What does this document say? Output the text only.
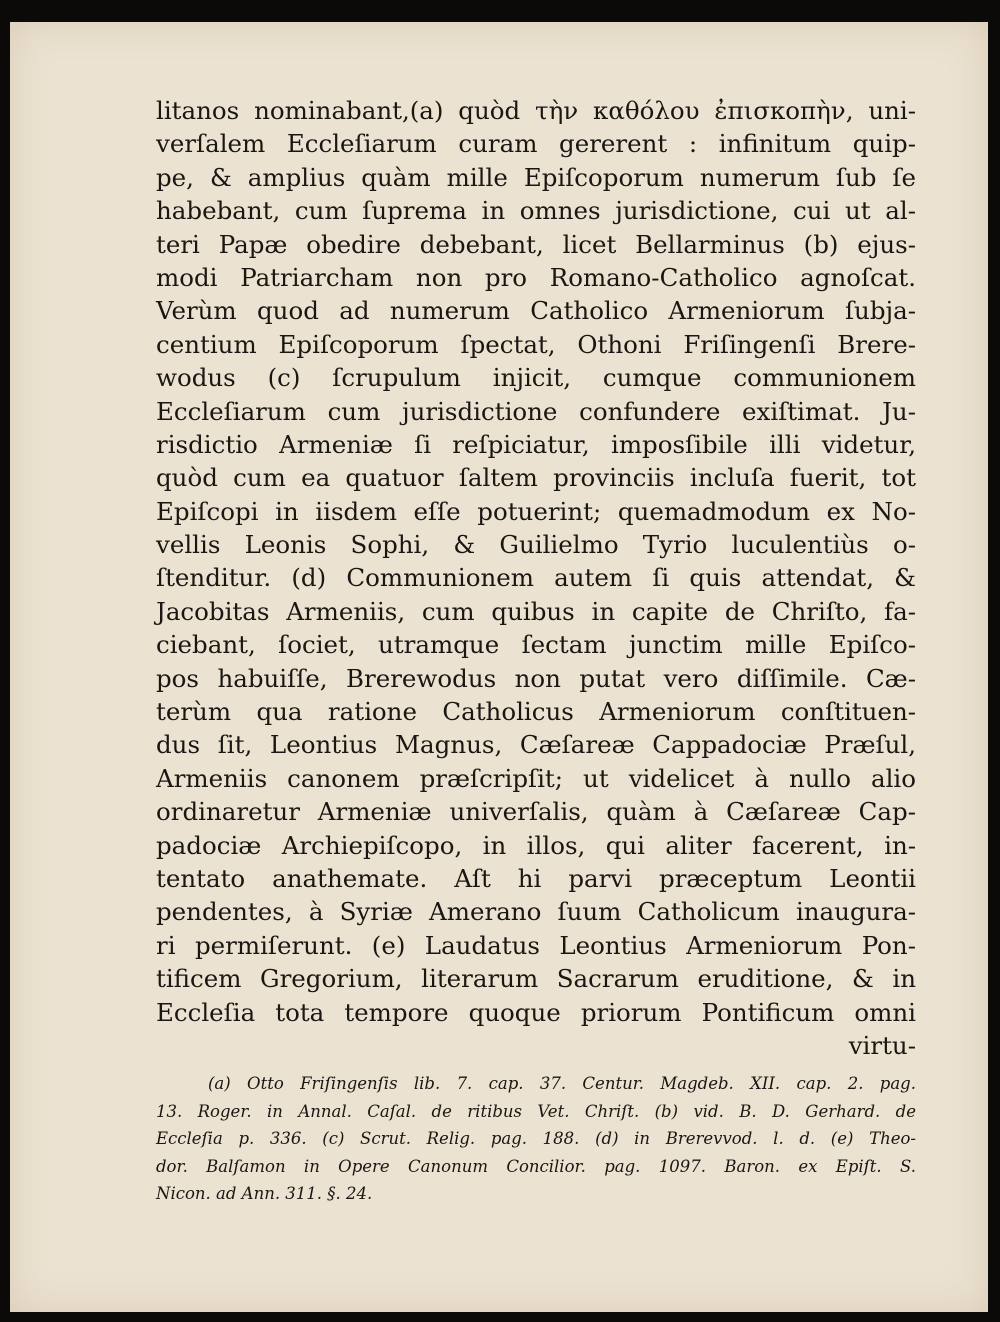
litanos nominabant,(a) quòd τὴν καθόλου ἐπισκοπὴν, uni-
verſalem Eccleſiarum curam gererent : infinitum quip-
pe, & amplius quàm mille Epiſcoporum numerum ſub ſe
habebant, cum ſuprema in omnes jurisdictione, cui ut al-
teri Papæ obedire debebant, licet Bellarminus (b) ejus-
modi Patriarcham non pro Romano-Catholico agnoſcat.
Verùm quod ad numerum Catholico Armeniorum ſubja-
centium Epiſcoporum ſpectat, Othoni Friſingenſi Brere-
wodus (c) ſcrupulum injicit, cumque communionem
Eccleſiarum cum jurisdictione confundere exiſtimat. Ju-
risdictio Armeniæ ſi reſpiciatur, imposſibile illi videtur,
quòd cum ea quatuor ſaltem provinciis incluſa fuerit, tot
Epiſcopi in iisdem eſſe potuerint; quemadmodum ex No-
vellis Leonis Sophi, & Guilielmo Tyrio luculentiùs o-
ſtenditur. (d) Communionem autem ſi quis attendat, &
Jacobitas Armeniis, cum quibus in capite de Chriſto, fa-
ciebant, ſociet, utramque ſectam junctim mille Epiſco-
pos habuiſſe, Brerewodus non putat vero diſſimile. Cæ-
terùm qua ratione Catholicus Armeniorum conſtituen-
dus ſit, Leontius Magnus, Cæſareæ Cappadociæ Præſul,
Armeniis canonem præſcripſit; ut videlicet à nullo alio
ordinaretur Armeniæ univerſalis, quàm à Cæſareæ Cap-
padociæ Archiepiſcopo, in illos, qui aliter facerent, in-
tentato anathemate. Aſt hi parvi præceptum Leontii
pendentes, à Syriæ Amerano ſuum Catholicum inaugura-
ri permiſerunt. (e) Laudatus Leontius Armeniorum Pon-
tificem Gregorium, literarum Sacrarum eruditione, & in
Eccleſia tota tempore quoque priorum Pontificum omni
virtu-
(a) Otto Friſingenſis lib. 7. cap. 37. Centur. Magdeb. XII. cap. 2. pag.
13. Roger. in Annal. Caſal. de ritibus Vet. Chriſt. (b) vid. B. D. Gerhard. de
Eccleſia p. 336. (c) Scrut. Relig. pag. 188. (d) in Brerevvod. l. d. (e) Theo-
dor. Balſamon in Opere Canonum Concilior. pag. 1097. Baron. ex Epiſt. S.
Nicon. ad Ann. 311. §. 24.
